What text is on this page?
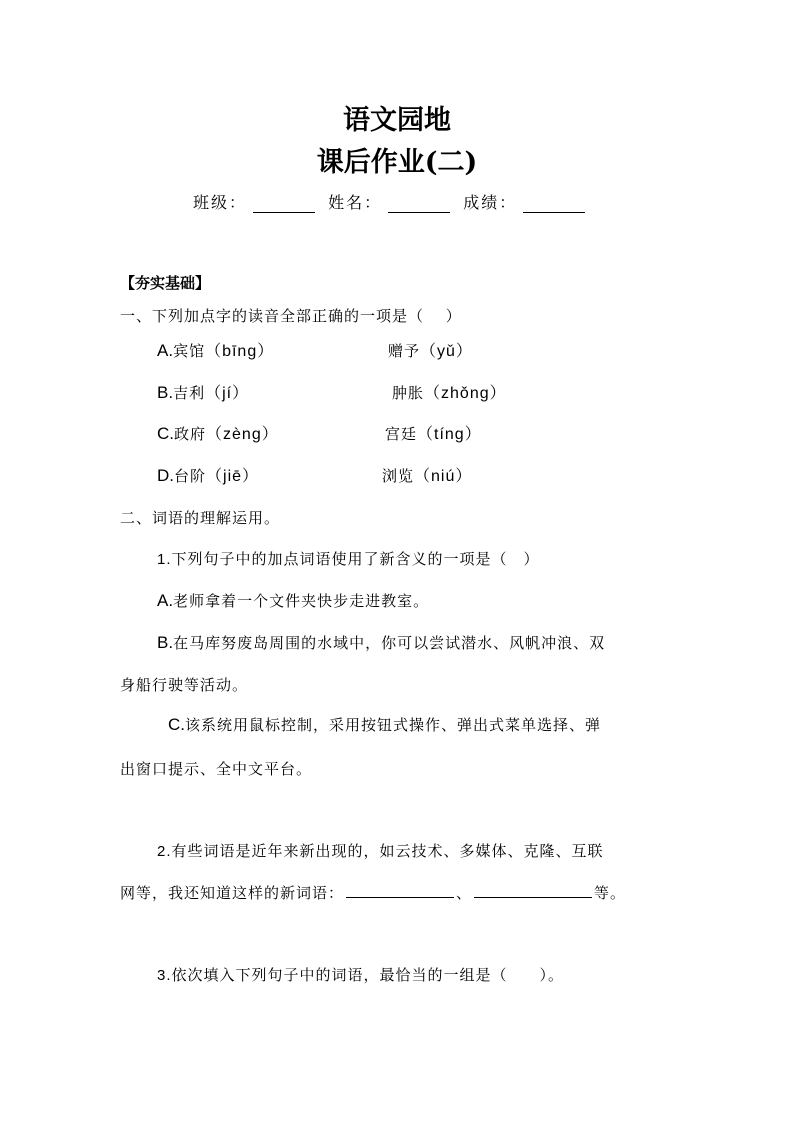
语文园地
课后作业(二)
班级：	姓名：	成绩：
【夯实基础】
一、下列加点字的读音全部正确的一项是（　 ）
A.宾馆（bīng）	赠予（yǔ）
B.吉利（jí）	肿胀（zhǒng）
C.政府（zèng）	宫廷（tíng）
D.台阶（jiē）	浏览（niú）
二、词语的理解运用。
1.下列句子中的加点词语使用了新含义的一项是（　）
A.老师拿着一个文件夹快步走进教室。
B.在马库努废岛周围的水域中，你可以尝试潜水、风帆冲浪、双
身船行驶等活动。
C.该系统用鼠标控制，采用按钮式操作、弹出式菜单选择、弹
出窗口提示、全中文平台。
2.有些词语是近年来新出现的，如云技术、多媒体、克隆、互联
网等，我还知道这样的新词语：	、	等。
3.依次填入下列句子中的词语，最恰当的一组是（　　）。
